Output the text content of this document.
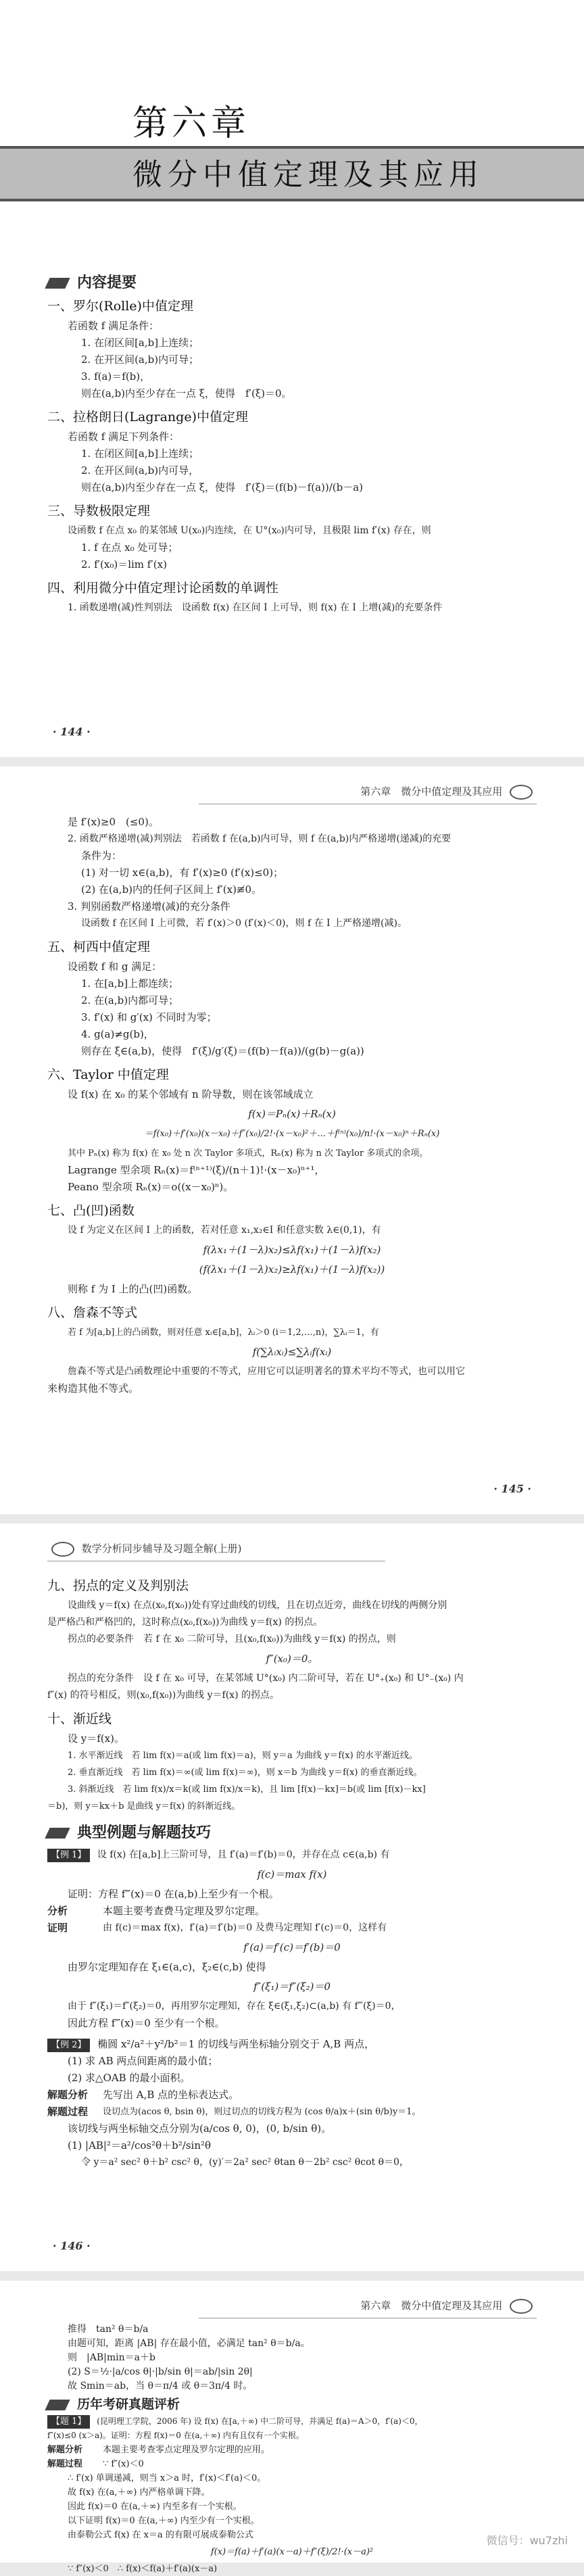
第六章
微分中值定理及其应用
内容提要
一、罗尔(Rolle)中值定理

若函数 f 满足条件：

1. 在闭区间[a,b]上连续；

2. 在开区间(a,b)内可导；

3. f(a)＝f(b)，

则在(a,b)内至少存在一点 ξ，使得　f′(ξ)＝0。

二、拉格朗日(Lagrange)中值定理

若函数 f 满足下列条件：

1. 在闭区间[a,b]上连续；

2. 在开区间(a,b)内可导，

则在(a,b)内至少存在一点 ξ，使得　f′(ξ)＝(f(b)－f(a))/(b－a)

三、导数极限定理

设函数 f 在点 x₀ 的某邻域 U(x₀)内连续，在 U°(x₀)内可导，且极限 lim f′(x) 存在，则

1. f 在点 x₀ 处可导；

2. f′(x₀)＝lim f′(x)

四、利用微分中值定理讨论函数的单调性

1. 函数递增(减)性判别法　设函数 f(x) 在区间 I 上可导，则 f(x) 在 I 上增(减)的充要条件

· 144 ·
第六章　微分中值定理及其应用

是 f′(x)≥0　(≤0)。

2. 函数严格递增(减)判别法　若函数 f 在(a,b)内可导，则 f 在(a,b)内严格递增(递减)的充要

条件为：

(1) 对一切 x∈(a,b)，有 f′(x)≥0 (f′(x)≤0)；

(2) 在(a,b)内的任何子区间上 f′(x)≢0。

3. 判别函数严格递增(减)的充分条件

设函数 f 在区间 I 上可微，若 f′(x)＞0 (f′(x)＜0)，则 f 在 I 上严格递增(减)。

五、柯西中值定理

设函数 f 和 g 满足：

1. 在[a,b]上都连续；

2. 在(a,b)内都可导；

3. f′(x) 和 g′(x) 不同时为零；

4. g(a)≠g(b)，

则存在 ξ∈(a,b)，使得　f′(ξ)/g′(ξ)＝(f(b)－f(a))/(g(b)－g(a))

六、Taylor 中值定理

设 f(x) 在 x₀ 的某个邻域有 n 阶导数，则在该邻域成立

f(x)＝Pₙ(x)＋Rₙ(x)

＝f(x₀)＋f′(x₀)(x－x₀)＋f″(x₀)/2!·(x－x₀)²＋…＋f⁽ⁿ⁾(x₀)/n!·(x－x₀)ⁿ＋Rₙ(x)

其中 Pₙ(x) 称为 f(x) 在 x₀ 处 n 次 Taylor 多项式，Rₙ(x) 称为 n 次 Taylor 多项式的余项。

Lagrange 型余项 Rₙ(x)＝f⁽ⁿ⁺¹⁾(ξ)/(n＋1)!·(x－x₀)ⁿ⁺¹，

Peano 型余项 Rₙ(x)＝o((x－x₀)ⁿ)。

七、凸(凹)函数

设 f 为定义在区间 I 上的函数，若对任意 x₁,x₂∈I 和任意实数 λ∈(0,1)，有

f(λx₁＋(1－λ)x₂)≤λf(x₁)＋(1－λ)f(x₂)

(f(λx₁＋(1－λ)x₂)≥λf(x₁)＋(1－λ)f(x₂))

则称 f 为 I 上的凸(凹)函数。

八、詹森不等式

若 f 为[a,b]上的凸函数，则对任意 xᵢ∈[a,b]，λᵢ＞0 (i＝1,2,…,n)，∑λᵢ＝1，有

f(∑λᵢxᵢ)≤∑λᵢf(xᵢ)

詹森不等式是凸函数理论中重要的不等式，应用它可以证明著名的算术平均不等式，也可以用它

来构造其他不等式。

· 145 ·
数学分析同步辅导及习题全解(上册)
九、拐点的定义及判别法

设曲线 y＝f(x) 在点(x₀,f(x₀))处有穿过曲线的切线，且在切点近旁，曲线在切线的两侧分别

是严格凸和严格凹的，这时称点(x₀,f(x₀))为曲线 y＝f(x) 的拐点。

拐点的必要条件　若 f 在 x₀ 二阶可导，且(x₀,f(x₀))为曲线 y＝f(x) 的拐点，则

f″(x₀)＝0。

拐点的充分条件　设 f 在 x₀ 可导，在某邻域 U°(x₀) 内二阶可导，若在 U°₊(x₀) 和 U°₋(x₀) 内

f″(x) 的符号相反，则(x₀,f(x₀))为曲线 y＝f(x) 的拐点。

十、渐近线

设 y＝f(x)。

1. 水平渐近线　若 lim f(x)＝a(或 lim f(x)＝a)，则 y＝a 为曲线 y＝f(x) 的水平渐近线。

2. 垂直渐近线　若 lim f(x)＝∞(或 lim f(x)＝∞)，则 x＝b 为曲线 y＝f(x) 的垂直渐近线。

3. 斜渐近线　若 lim f(x)/x＝k(或 lim f(x)/x＝k)，且 lim [f(x)－kx]＝b(或 lim [f(x)－kx]

＝b)，则 y＝kx＋b 是曲线 y＝f(x) 的斜渐近线。

典型例题与解题技巧

【例 1】 设 f(x) 在[a,b]上三阶可导，且 f′(a)＝f′(b)＝0，并存在点 c∈(a,b) 有

f(c)＝max f(x)

证明：方程 f‴(x)＝0 在(a,b)上至少有一个根。

分析	本题主要考查费马定理及罗尔定理。
证明	由 f(c)＝max f(x)，f′(a)＝f′(b)＝0 及费马定理知 f′(c)＝0，这样有

f′(a)＝f′(c)＝f′(b)＝0

由罗尔定理知存在 ξ₁∈(a,c)，ξ₂∈(c,b) 使得

f″(ξ₁)＝f″(ξ₂)＝0

由于 f″(ξ₁)＝f″(ξ₂)＝0，再用罗尔定理知，存在 ξ∈(ξ₁,ξ₂)⊂(a,b) 有 f‴(ξ)＝0，

因此方程 f‴(x)＝0 至少有一个根。

【例 2】 椭圆 x²/a²＋y²/b²＝1 的切线与两坐标轴分别交于 A,B 两点，

(1) 求 AB 两点间距离的最小值；

(2) 求△OAB 的最小面积。

解题分析	先写出 A,B 点的坐标表达式。
解题过程	设切点为(acos θ, bsin θ)，则过切点的切线方程为 (cos θ/a)x＋(sin θ/b)y＝1。

该切线与两坐标轴交点分别为(a/cos θ, 0)，(0, b/sin θ)。

(1) |AB|²＝a²/cos²θ＋b²/sin²θ

令 y＝a² sec² θ＋b² csc² θ，(y)′＝2a² sec² θtan θ－2b² csc² θcot θ＝0，

· 146 ·
第六章　微分中值定理及其应用

推得　tan² θ＝b/a

由题可知，距离 |AB| 存在最小值，必满足 tan² θ＝b/a。

则　|AB|min＝a＋b

(2) S＝½·|a/cos θ|·|b/sin θ|＝ab/|sin 2θ|

故 Smin＝ab，当 θ＝π/4 或 θ＝3π/4 时。

历年考研真题评析

【题 1】 (昆明理工学院，2006 年) 设 f(x) 在[a,＋∞) 中二阶可导，并满足 f(a)＝A＞0，f′(a)＜0，

f″(x)≤0 (x＞a)。证明：方程 f(x)＝0 在(a,＋∞) 内有且仅有一个实根。

解题分析	本题主要考查零点定理及罗尔定理的应用。
解题过程	∵ f″(x)＜0

∴ f′(x) 单调递减，则当 x＞a 时，f′(x)＜f′(a)＜0。

故 f(x) 在(a,＋∞) 内严格单调下降。

因此 f(x)＝0 在(a,＋∞) 内至多有一个实根。

以下证明 f(x)＝0 在(a,＋∞) 内至少有一个实根。

由泰勒公式 f(x) 在 x＝a 的有限可展成泰勒公式

f(x)＝f(a)＋f′(a)(x－a)＋f″(ξ)/2!·(x－a)²

∵ f″(x)＜0　∴ f(x)＜f(a)＋f′(a)(x－a)

微信号：wu7zhi
